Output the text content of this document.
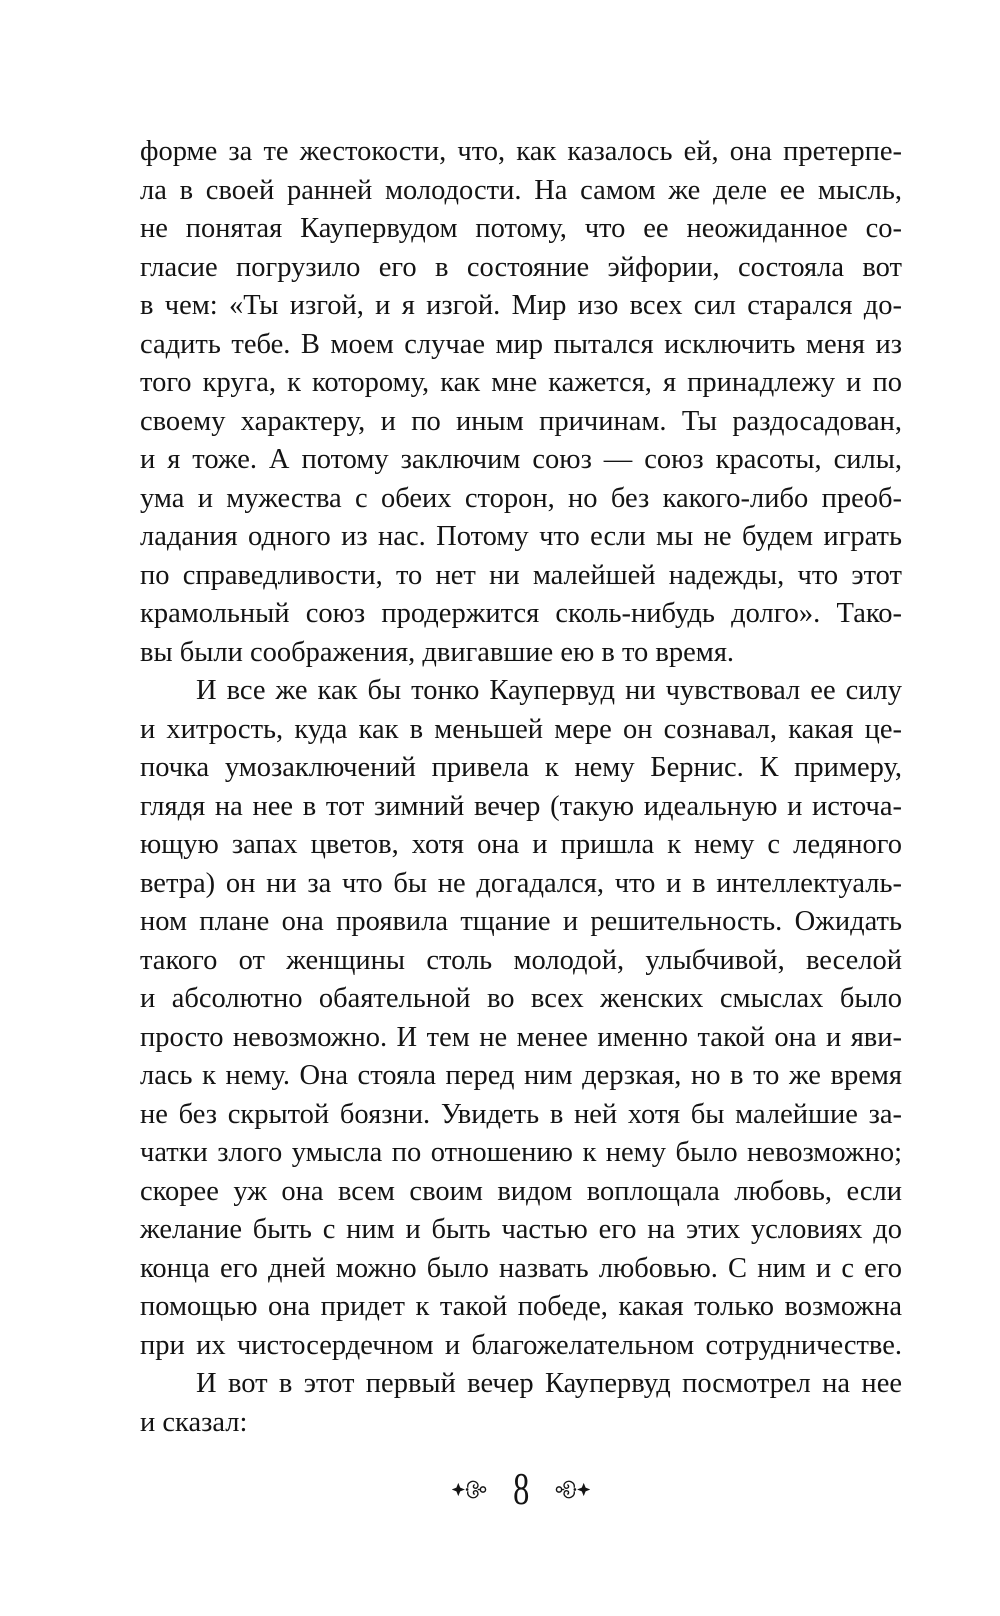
форме за те жестокости, что, как казалось ей, она претерпе-
ла в своей ранней молодости. На самом же деле ее мысль,
не понятая Каупервудом потому, что ее неожиданное со-
гласие погрузило его в состояние эйфории, состояла вот
в чем: «Ты изгой, и я изгой. Мир изо всех сил старался до-
садить тебе. В моем случае мир пытался исключить меня из
того круга, к которому, как мне кажется, я принадлежу и по
своему характеру, и по иным причинам. Ты раздосадован,
и я тоже. А потому заключим союз — союз красоты, силы,
ума и мужества с обеих сторон, но без какого-либо преоб-
ладания одного из нас. Потому что если мы не будем играть
по справедливости, то нет ни малейшей надежды, что этот
крамольный союз продержится сколь-нибудь долго». Тако-
вы были соображения, двигавшие ею в то время.
И все же как бы тонко Каупервуд ни чувствовал ее силу
и хитрость, куда как в меньшей мере он сознавал, какая це-
почка умозаключений привела к нему Бернис. К примеру,
глядя на нее в тот зимний вечер (такую идеальную и источа-
ющую запах цветов, хотя она и пришла к нему с ледяного
ветра) он ни за что бы не догадался, что и в интеллектуаль-
ном плане она проявила тщание и решительность. Ожидать
такого от женщины столь молодой, улыбчивой, веселой
и абсолютно обаятельной во всех женских смыслах было
просто невозможно. И тем не менее именно такой она и яви-
лась к нему. Она стояла перед ним дерзкая, но в то же время
не без скрытой боязни. Увидеть в ней хотя бы малейшие за-
чатки злого умысла по отношению к нему было невозможно;
скорее уж она всем своим видом воплощала любовь, если
желание быть с ним и быть частью его на этих условиях до
конца его дней можно было назвать любовью. С ним и с его
помощью она придет к такой победе, какая только возможна
при их чистосердечном и благожелательном сотрудничестве.
И вот в этот первый вечер Каупервуд посмотрел на нее
и сказал:
8
